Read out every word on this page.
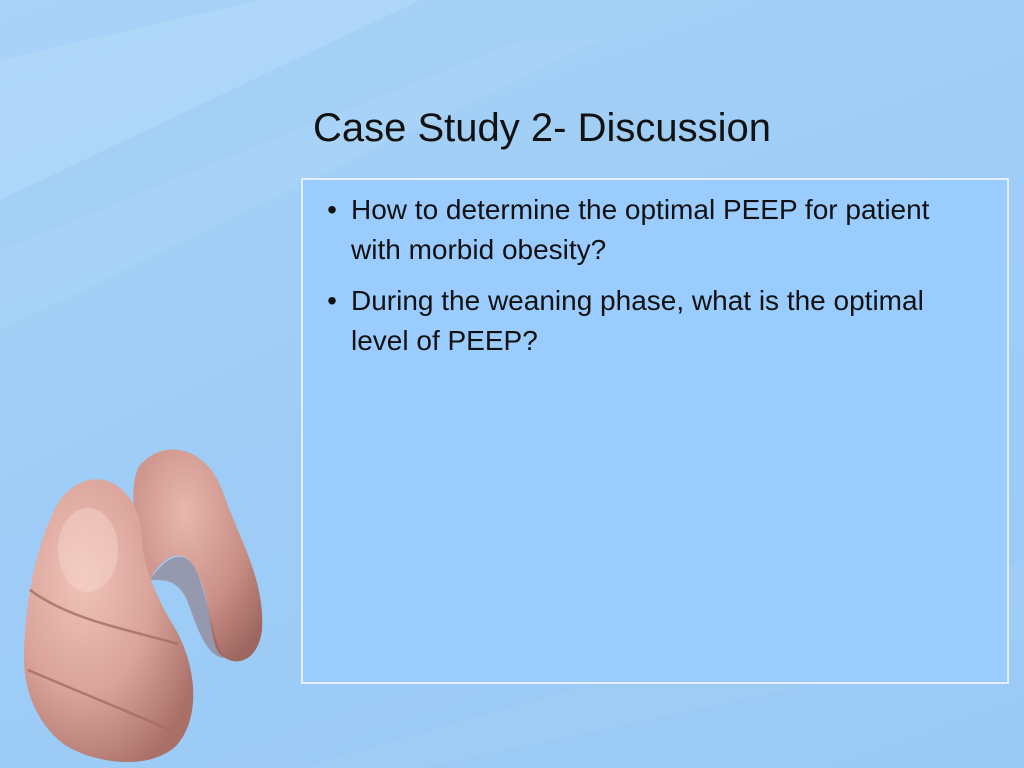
Case Study 2- Discussion
• How to determine the optimal PEEP for patient with morbid obesity?
• During the weaning phase, what is the optimal level of PEEP?
